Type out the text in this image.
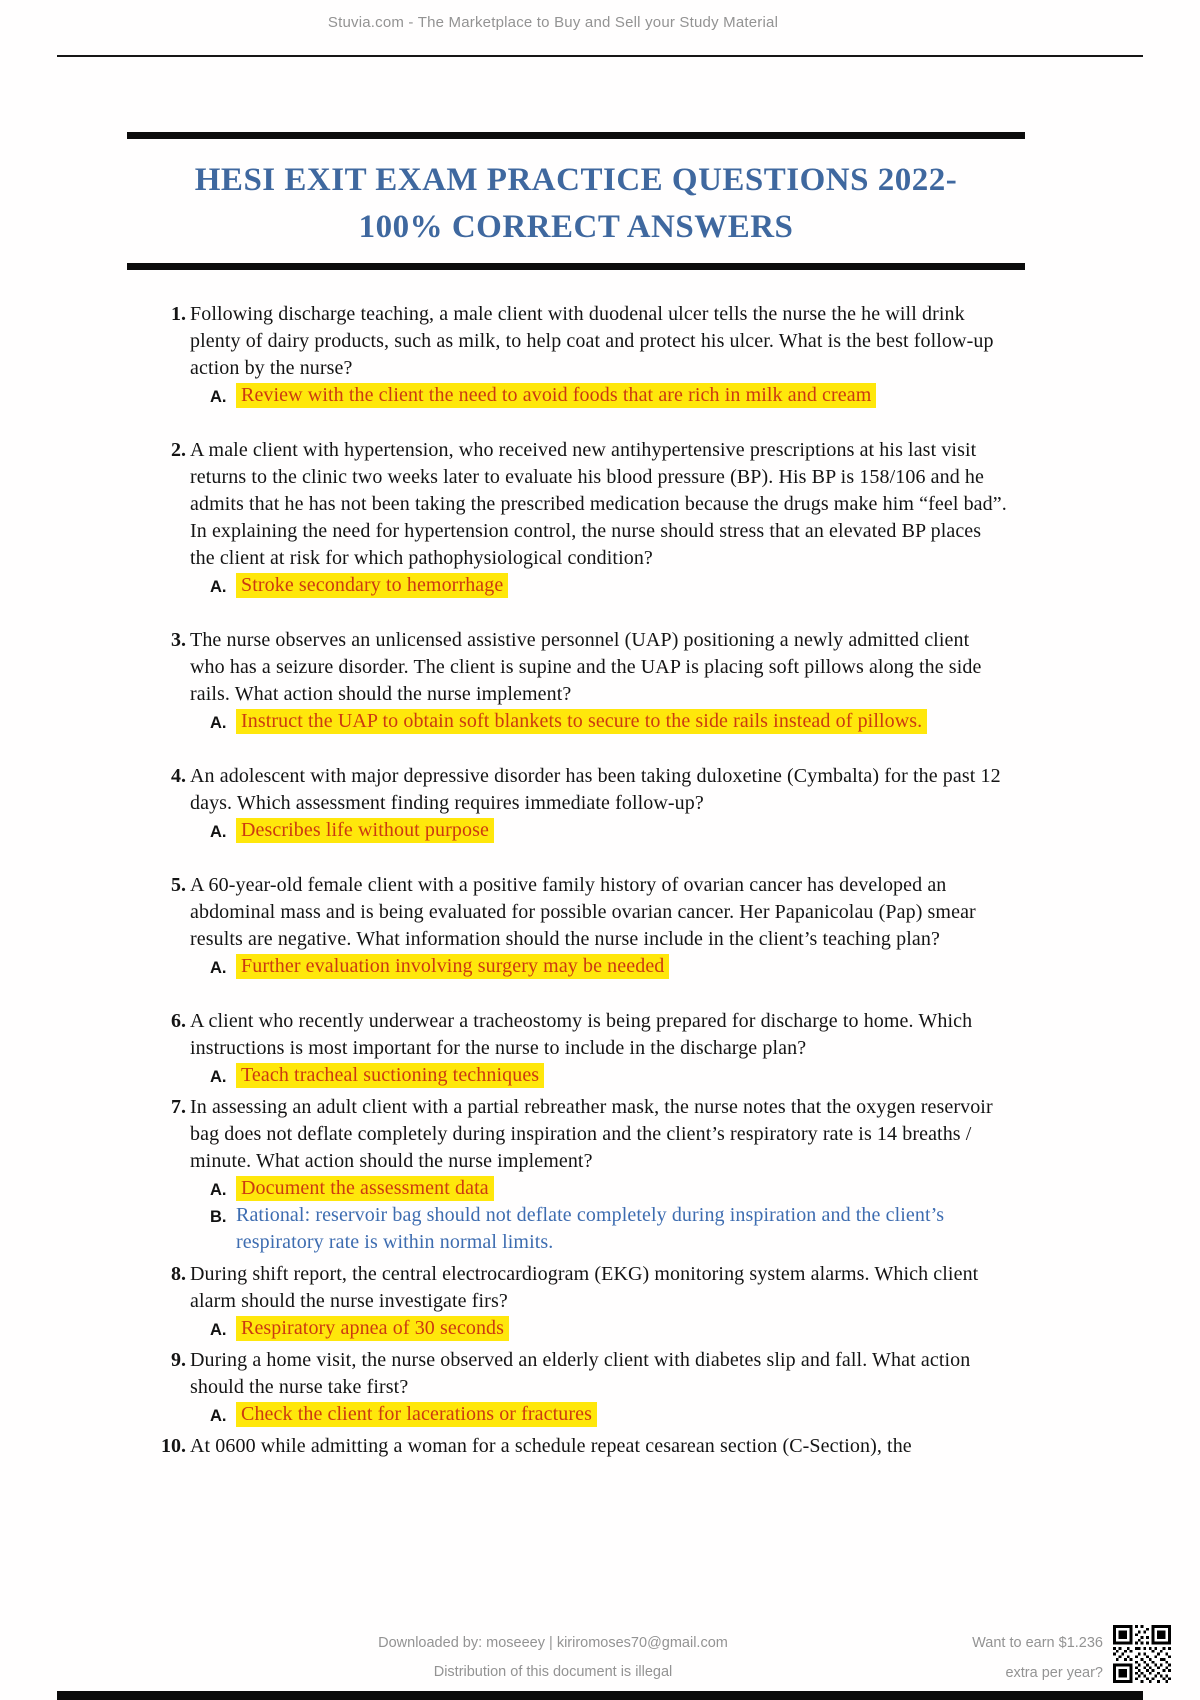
Stuvia.com - The Marketplace to Buy and Sell your Study Material
HESI EXIT EXAM PRACTICE QUESTIONS 2022-
100% CORRECT ANSWERS
1. Following discharge teaching, a male client with duodenal ulcer tells the nurse the he will drink plenty of dairy products, such as milk, to help coat and protect his ulcer. What is the best follow-up action by the nurse?
A. Review with the client the need to avoid foods that are rich in milk and cream
2. A male client with hypertension, who received new antihypertensive prescriptions at his last visit returns to the clinic two weeks later to evaluate his blood pressure (BP). His BP is 158/106 and he admits that he has not been taking the prescribed medication because the drugs make him “feel bad”. In explaining the need for hypertension control, the nurse should stress that an elevated BP places the client at risk for which pathophysiological condition?
A. Stroke secondary to hemorrhage
3. The nurse observes an unlicensed assistive personnel (UAP) positioning a newly admitted client who has a seizure disorder. The client is supine and the UAP is placing soft pillows along the side rails. What action should the nurse implement?
A. Instruct the UAP to obtain soft blankets to secure to the side rails instead of pillows.
4. An adolescent with major depressive disorder has been taking duloxetine (Cymbalta) for the past 12 days. Which assessment finding requires immediate follow-up?
A. Describes life without purpose
5. A 60-year-old female client with a positive family history of ovarian cancer has developed an abdominal mass and is being evaluated for possible ovarian cancer. Her Papanicolau (Pap) smear results are negative. What information should the nurse include in the client’s teaching plan?
A. Further evaluation involving surgery may be needed
6. A client who recently underwear a tracheostomy is being prepared for discharge to home. Which instructions is most important for the nurse to include in the discharge plan?
A. Teach tracheal suctioning techniques
7. In assessing an adult client with a partial rebreather mask, the nurse notes that the oxygen reservoir bag does not deflate completely during inspiration and the client’s respiratory rate is 14 breaths / minute. What action should the nurse implement?
A. Document the assessment data
B. Rational: reservoir bag should not deflate completely during inspiration and the client’s respiratory rate is within normal limits.
8. During shift report, the central electrocardiogram (EKG) monitoring system alarms. Which client alarm should the nurse investigate firs?
A. Respiratory apnea of 30 seconds
9. During a home visit, the nurse observed an elderly client with diabetes slip and fall. What action should the nurse take first?
A. Check the client for lacerations or fractures
10. At 0600 while admitting a woman for a schedule repeat cesarean section (C-Section), the
Downloaded by: moseeey | kiriromoses70@gmail.com
Distribution of this document is illegal
Want to earn $1.236
extra per year?
